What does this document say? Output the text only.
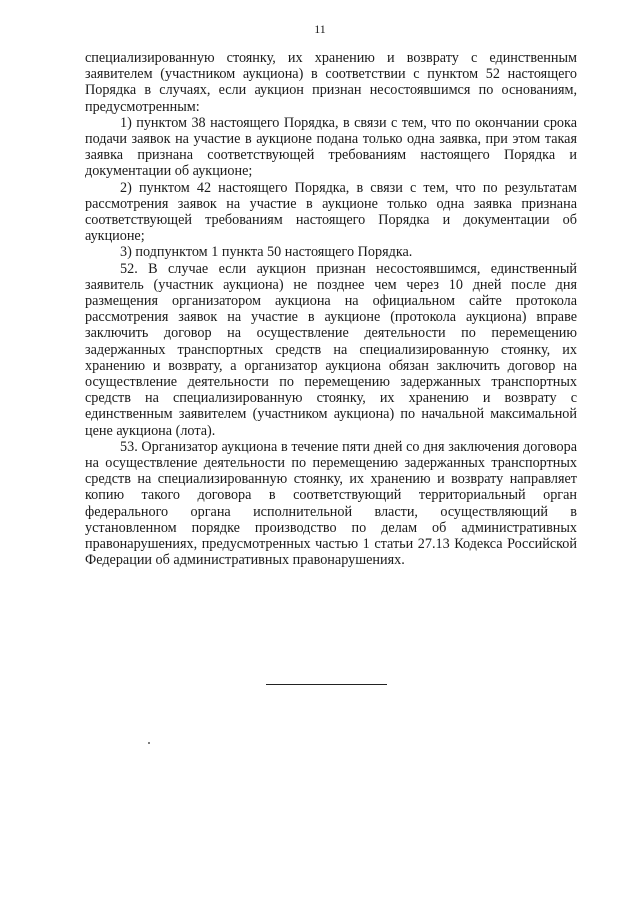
11

специализированную стоянку, их хранению и возврату с единственным заявителем (участником аукциона) в соответствии с пунктом 52 настоящего Порядка в случаях, если аукцион признан несостоявшимся по основаниям, предусмотренным:

1) пунктом 38 настоящего Порядка, в связи с тем, что по окончании срока подачи заявок на участие в аукционе подана только одна заявка, при этом такая заявка признана соответствующей требованиям настоящего Порядка и документации об аукционе;

2) пунктом 42 настоящего Порядка, в связи с тем, что по результатам рассмотрения заявок на участие в аукционе только одна заявка признана соответствующей требованиям настоящего Порядка и документации об аукционе;

3) подпунктом 1 пункта 50 настоящего Порядка.

52. В случае если аукцион признан несостоявшимся, единственный заявитель (участник аукциона) не позднее чем через 10 дней после дня размещения организатором аукциона на официальном сайте протокола рассмотрения заявок на участие в аукционе (протокола аукциона) вправе заключить договор на осуществление деятельности по перемещению задержанных транспортных средств на специализированную стоянку, их хранению и возврату, а организатор аукциона обязан заключить договор на осуществление деятельности по перемещению задержанных транспортных средств на специализированную стоянку, их хранению и возврату с единственным заявителем (участником аукциона) по начальной максимальной цене аукциона (лота).

53. Организатор аукциона в течение пяти дней со дня заключения договора на осуществление деятельности по перемещению задержанных транспортных средств на специализированную стоянку, их хранению и возврату направляет копию такого договора в соответствующий территориальный орган федерального органа исполнительной власти, осуществляющий в установленном порядке производство по делам об административных правонарушениях, предусмотренных частью 1 статьи 27.13 Кодекса Российской Федерации об административных правонарушениях.
